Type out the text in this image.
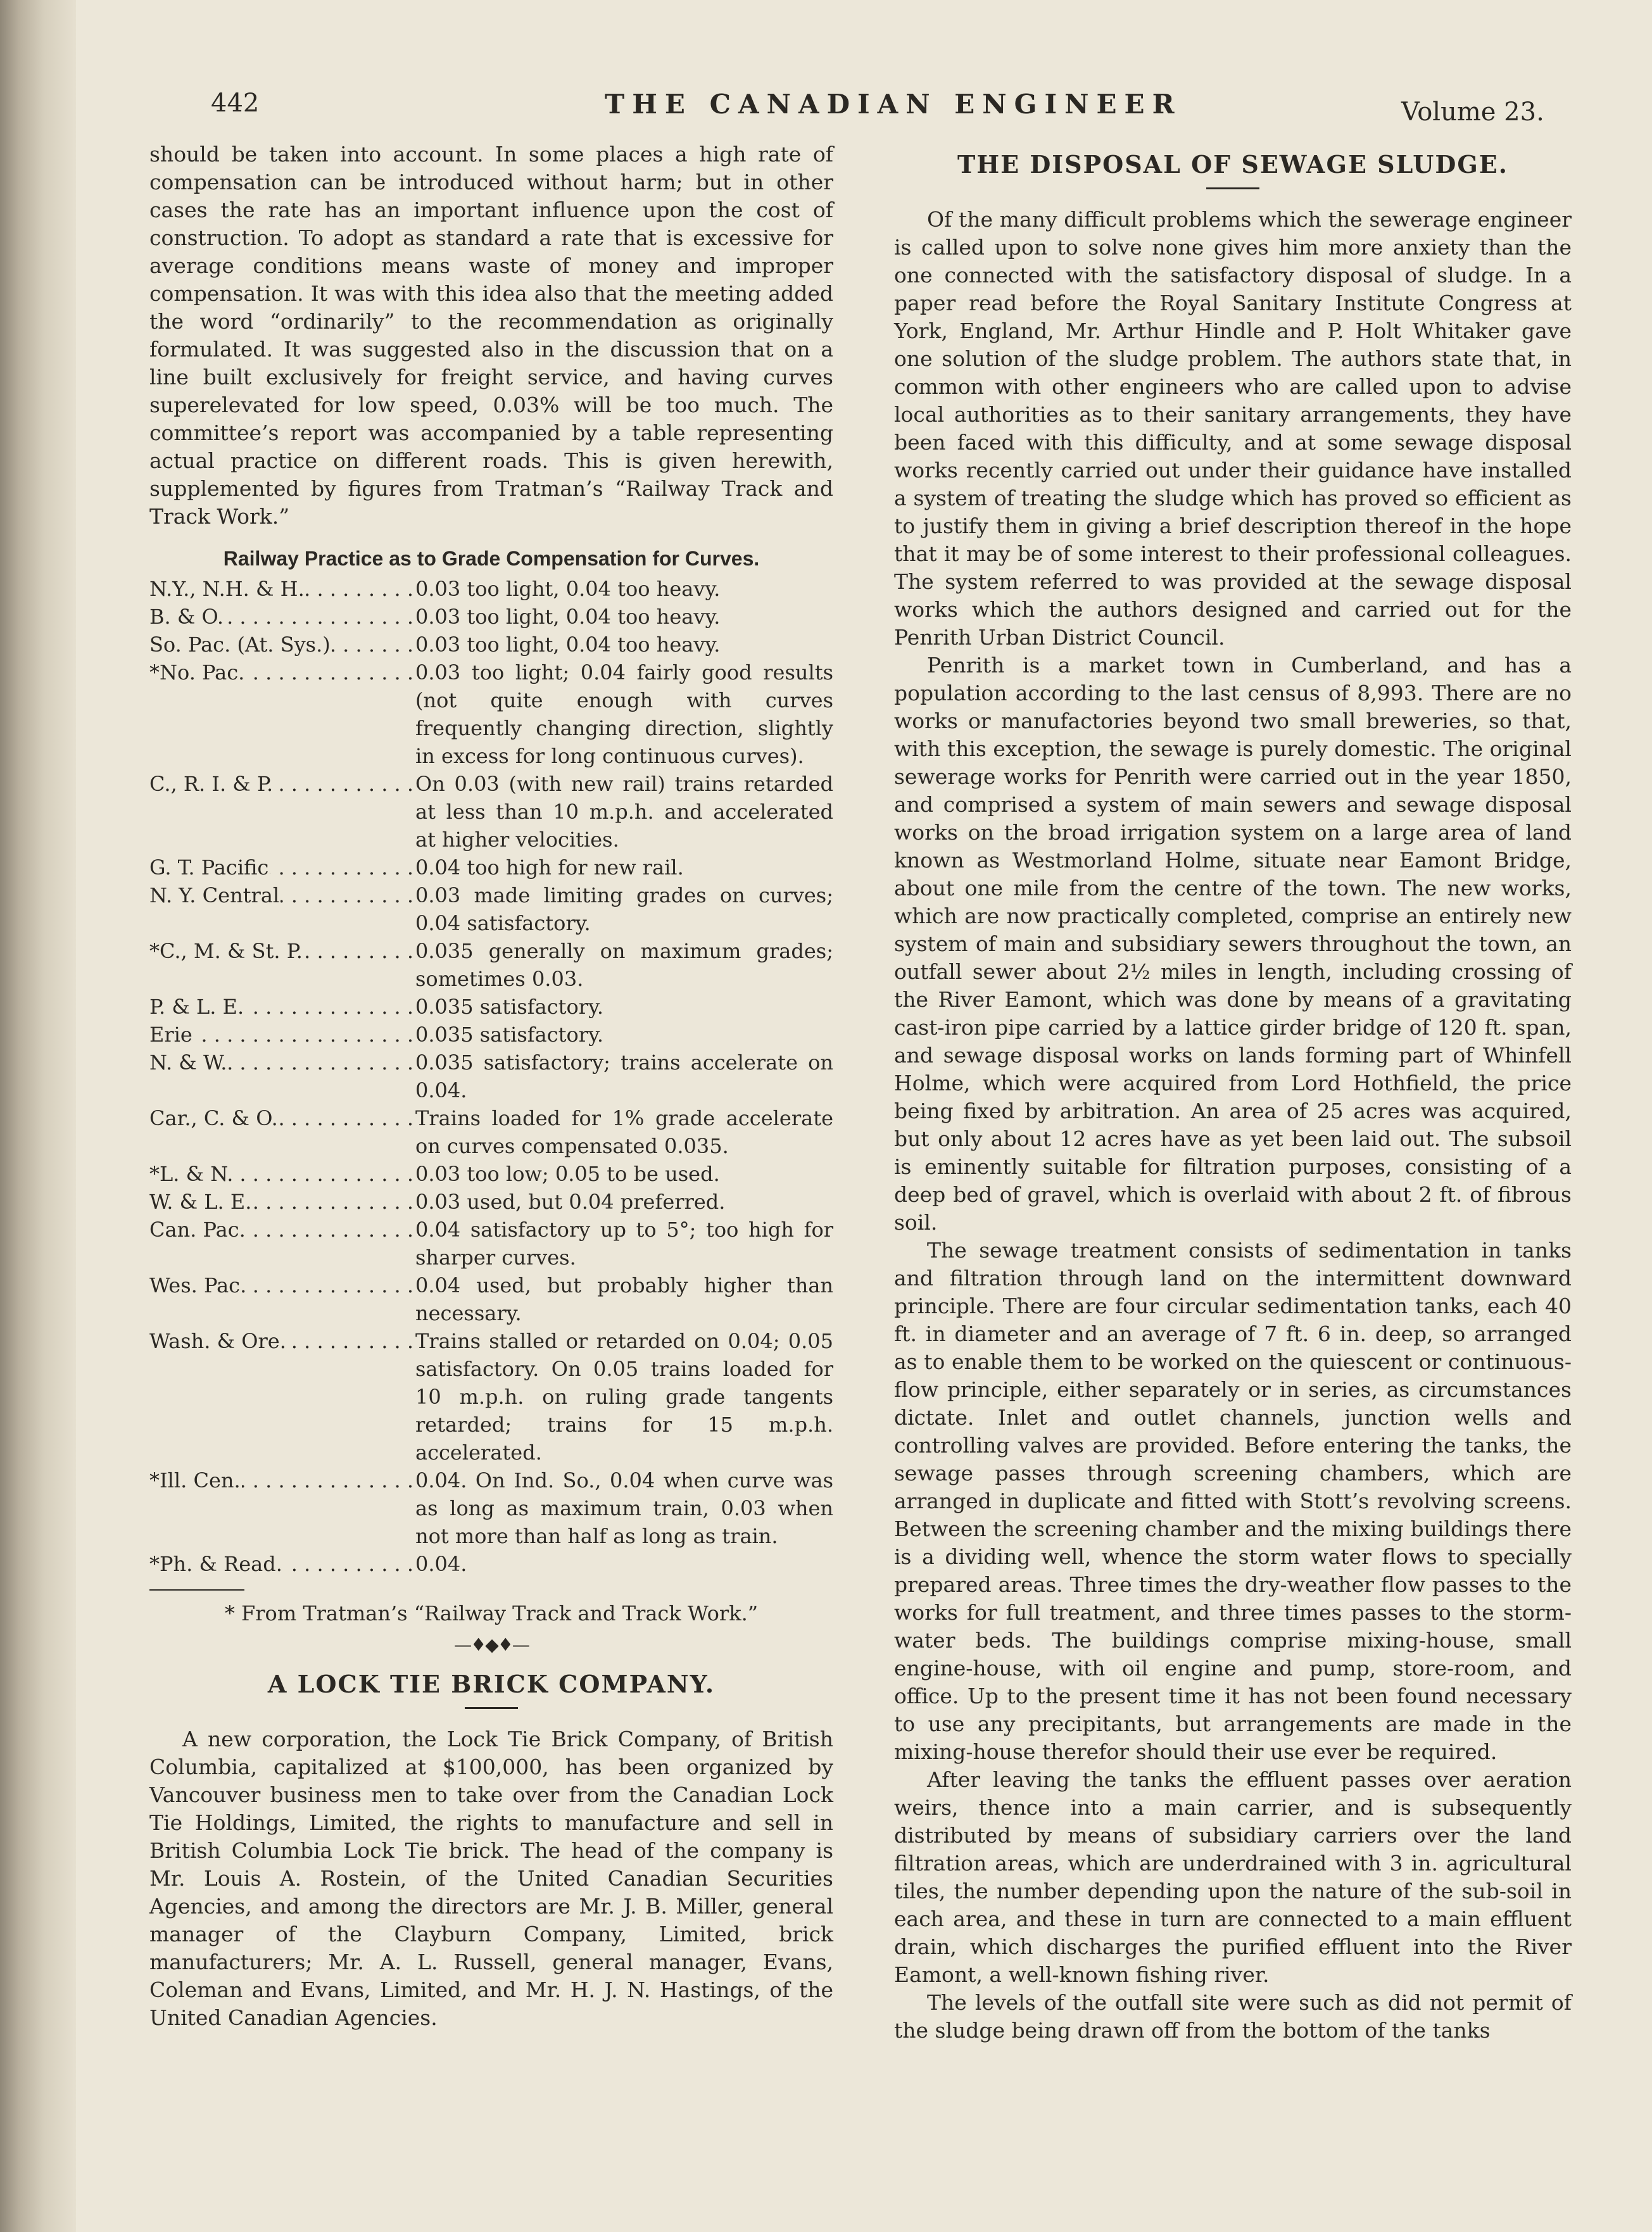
442	THE CANADIAN ENGINEER	Volume 23.

should be taken into account. In some places a high rate of compensation can be introduced without harm; but in other cases the rate has an important influence upon the cost of construction. To adopt as standard a rate that is excessive for average conditions means waste of money and improper compensation. It was with this idea also that the meeting added the word “ordinarily” to the recommendation as originally formulated. It was suggested also in the discussion that on a line built exclusively for freight service, and having curves superelevated for low speed, 0.03% will be too much. The committee’s report was accompanied by a table representing actual practice on different roads. This is given herewith, supplemented by figures from Tratman’s “Railway Track and Track Work.”

Railway Practice as to Grade Compensation for Curves.
N.Y., N.H. & H. . . .	0.03 too light, 0.04 too heavy.
B. & O. . . .	0.03 too light, 0.04 too heavy.
So. Pac. (At. Sys.) . . .	0.03 too light, 0.04 too heavy.
*No. Pac. . . .	0.03 too light; 0.04 fairly good results (not quite enough with curves frequently changing direction, slightly in excess for long continuous curves).
C., R. I. & P. . . .	On 0.03 (with new rail) trains retarded at less than 10 m.p.h. and accelerated at higher velocities.
G. T. Pacific . . .	0.04 too high for new rail.
N. Y. Central . . .	0.03 made limiting grades on curves; 0.04 satisfactory.
*C., M. & St. P. . . .	0.035 generally on maximum grades; sometimes 0.03.
P. & L. E. . . .	0.035 satisfactory.
Erie . . .	0.035 satisfactory.
N. & W. . . .	0.035 satisfactory; trains accelerate on 0.04.
Car., C. & O. . . .	Trains loaded for 1% grade accelerate on curves compensated 0.035.
*L. & N. . . .	0.03 too low; 0.05 to be used.
W. & L. E. . . .	0.03 used, but 0.04 preferred.
Can. Pac. . . .	0.04 satisfactory up to 5°; too high for sharper curves.
Wes. Pac. . . .	0.04 used, but probably higher than necessary.
Wash. & Ore. . . .	Trains stalled or retarded on 0.04; 0.05 satisfactory. On 0.05 trains loaded for 10 m.p.h. on ruling grade tangents retarded; trains for 15 m.p.h. accelerated.
*Ill. Cen. . . .	0.04. On Ind. So., 0.04 when curve was as long as maximum train, 0.03 when not more than half as long as train.
*Ph. & Read. . . .	0.04.

* From Tratman’s “Railway Track and Track Work.”

—♦◆♦—
A LOCK TIE BRICK COMPANY.

A new corporation, the Lock Tie Brick Company, of British Columbia, capitalized at $100,000, has been organized by Vancouver business men to take over from the Canadian Lock Tie Holdings, Limited, the rights to manufacture and sell in British Columbia Lock Tie brick. The head of the company is Mr. Louis A. Rostein, of the United Canadian Securities Agencies, and among the directors are Mr. J. B. Miller, general manager of the Clayburn Company, Limited, brick manufacturers; Mr. A. L. Russell, general manager, Evans, Coleman and Evans, Limited, and Mr. H. J. N. Hastings, of the United Canadian Agencies.

THE DISPOSAL OF SEWAGE SLUDGE.

Of the many difficult problems which the sewerage engineer is called upon to solve none gives him more anxiety than the one connected with the satisfactory disposal of sludge. In a paper read before the Royal Sanitary Institute Congress at York, England, Mr. Arthur Hindle and P. Holt Whitaker gave one solution of the sludge problem. The authors state that, in common with other engineers who are called upon to advise local authorities as to their sanitary arrangements, they have been faced with this difficulty, and at some sewage disposal works recently carried out under their guidance have installed a system of treating the sludge which has proved so efficient as to justify them in giving a brief description thereof in the hope that it may be of some interest to their professional colleagues. The system referred to was provided at the sewage disposal works which the authors designed and carried out for the Penrith Urban District Council.

Penrith is a market town in Cumberland, and has a population according to the last census of 8,993. There are no works or manufactories beyond two small breweries, so that, with this exception, the sewage is purely domestic. The original sewerage works for Penrith were carried out in the year 1850, and comprised a system of main sewers and sewage disposal works on the broad irrigation system on a large area of land known as Westmorland Holme, situate near Eamont Bridge, about one mile from the centre of the town. The new works, which are now practically completed, comprise an entirely new system of main and subsidiary sewers throughout the town, an outfall sewer about 2½ miles in length, including crossing of the River Eamont, which was done by means of a gravitating cast-iron pipe carried by a lattice girder bridge of 120 ft. span, and sewage disposal works on lands forming part of Whinfell Holme, which were acquired from Lord Hothfield, the price being fixed by arbitration. An area of 25 acres was acquired, but only about 12 acres have as yet been laid out. The subsoil is eminently suitable for filtration purposes, consisting of a deep bed of gravel, which is overlaid with about 2 ft. of fibrous soil.

The sewage treatment consists of sedimentation in tanks and filtration through land on the intermittent downward principle. There are four circular sedimentation tanks, each 40 ft. in diameter and an average of 7 ft. 6 in. deep, so arranged as to enable them to be worked on the quiescent or continuous-flow principle, either separately or in series, as circumstances dictate. Inlet and outlet channels, junction wells and controlling valves are provided. Before entering the tanks, the sewage passes through screening chambers, which are arranged in duplicate and fitted with Stott’s revolving screens. Between the screening chamber and the mixing buildings there is a dividing well, whence the storm water flows to specially prepared areas. Three times the dry-weather flow passes to the works for full treatment, and three times passes to the storm-water beds. The buildings comprise mixing-house, small engine-house, with oil engine and pump, store-room, and office. Up to the present time it has not been found necessary to use any precipitants, but arrangements are made in the mixing-house therefor should their use ever be required.

After leaving the tanks the effluent passes over aeration weirs, thence into a main carrier, and is subsequently distributed by means of subsidiary carriers over the land filtration areas, which are underdrained with 3 in. agricultural tiles, the number depending upon the nature of the sub-soil in each area, and these in turn are connected to a main effluent drain, which discharges the purified effluent into the River Eamont, a well-known fishing river.

The levels of the outfall site were such as did not permit of the sludge being drawn off from the bottom of the tanks
